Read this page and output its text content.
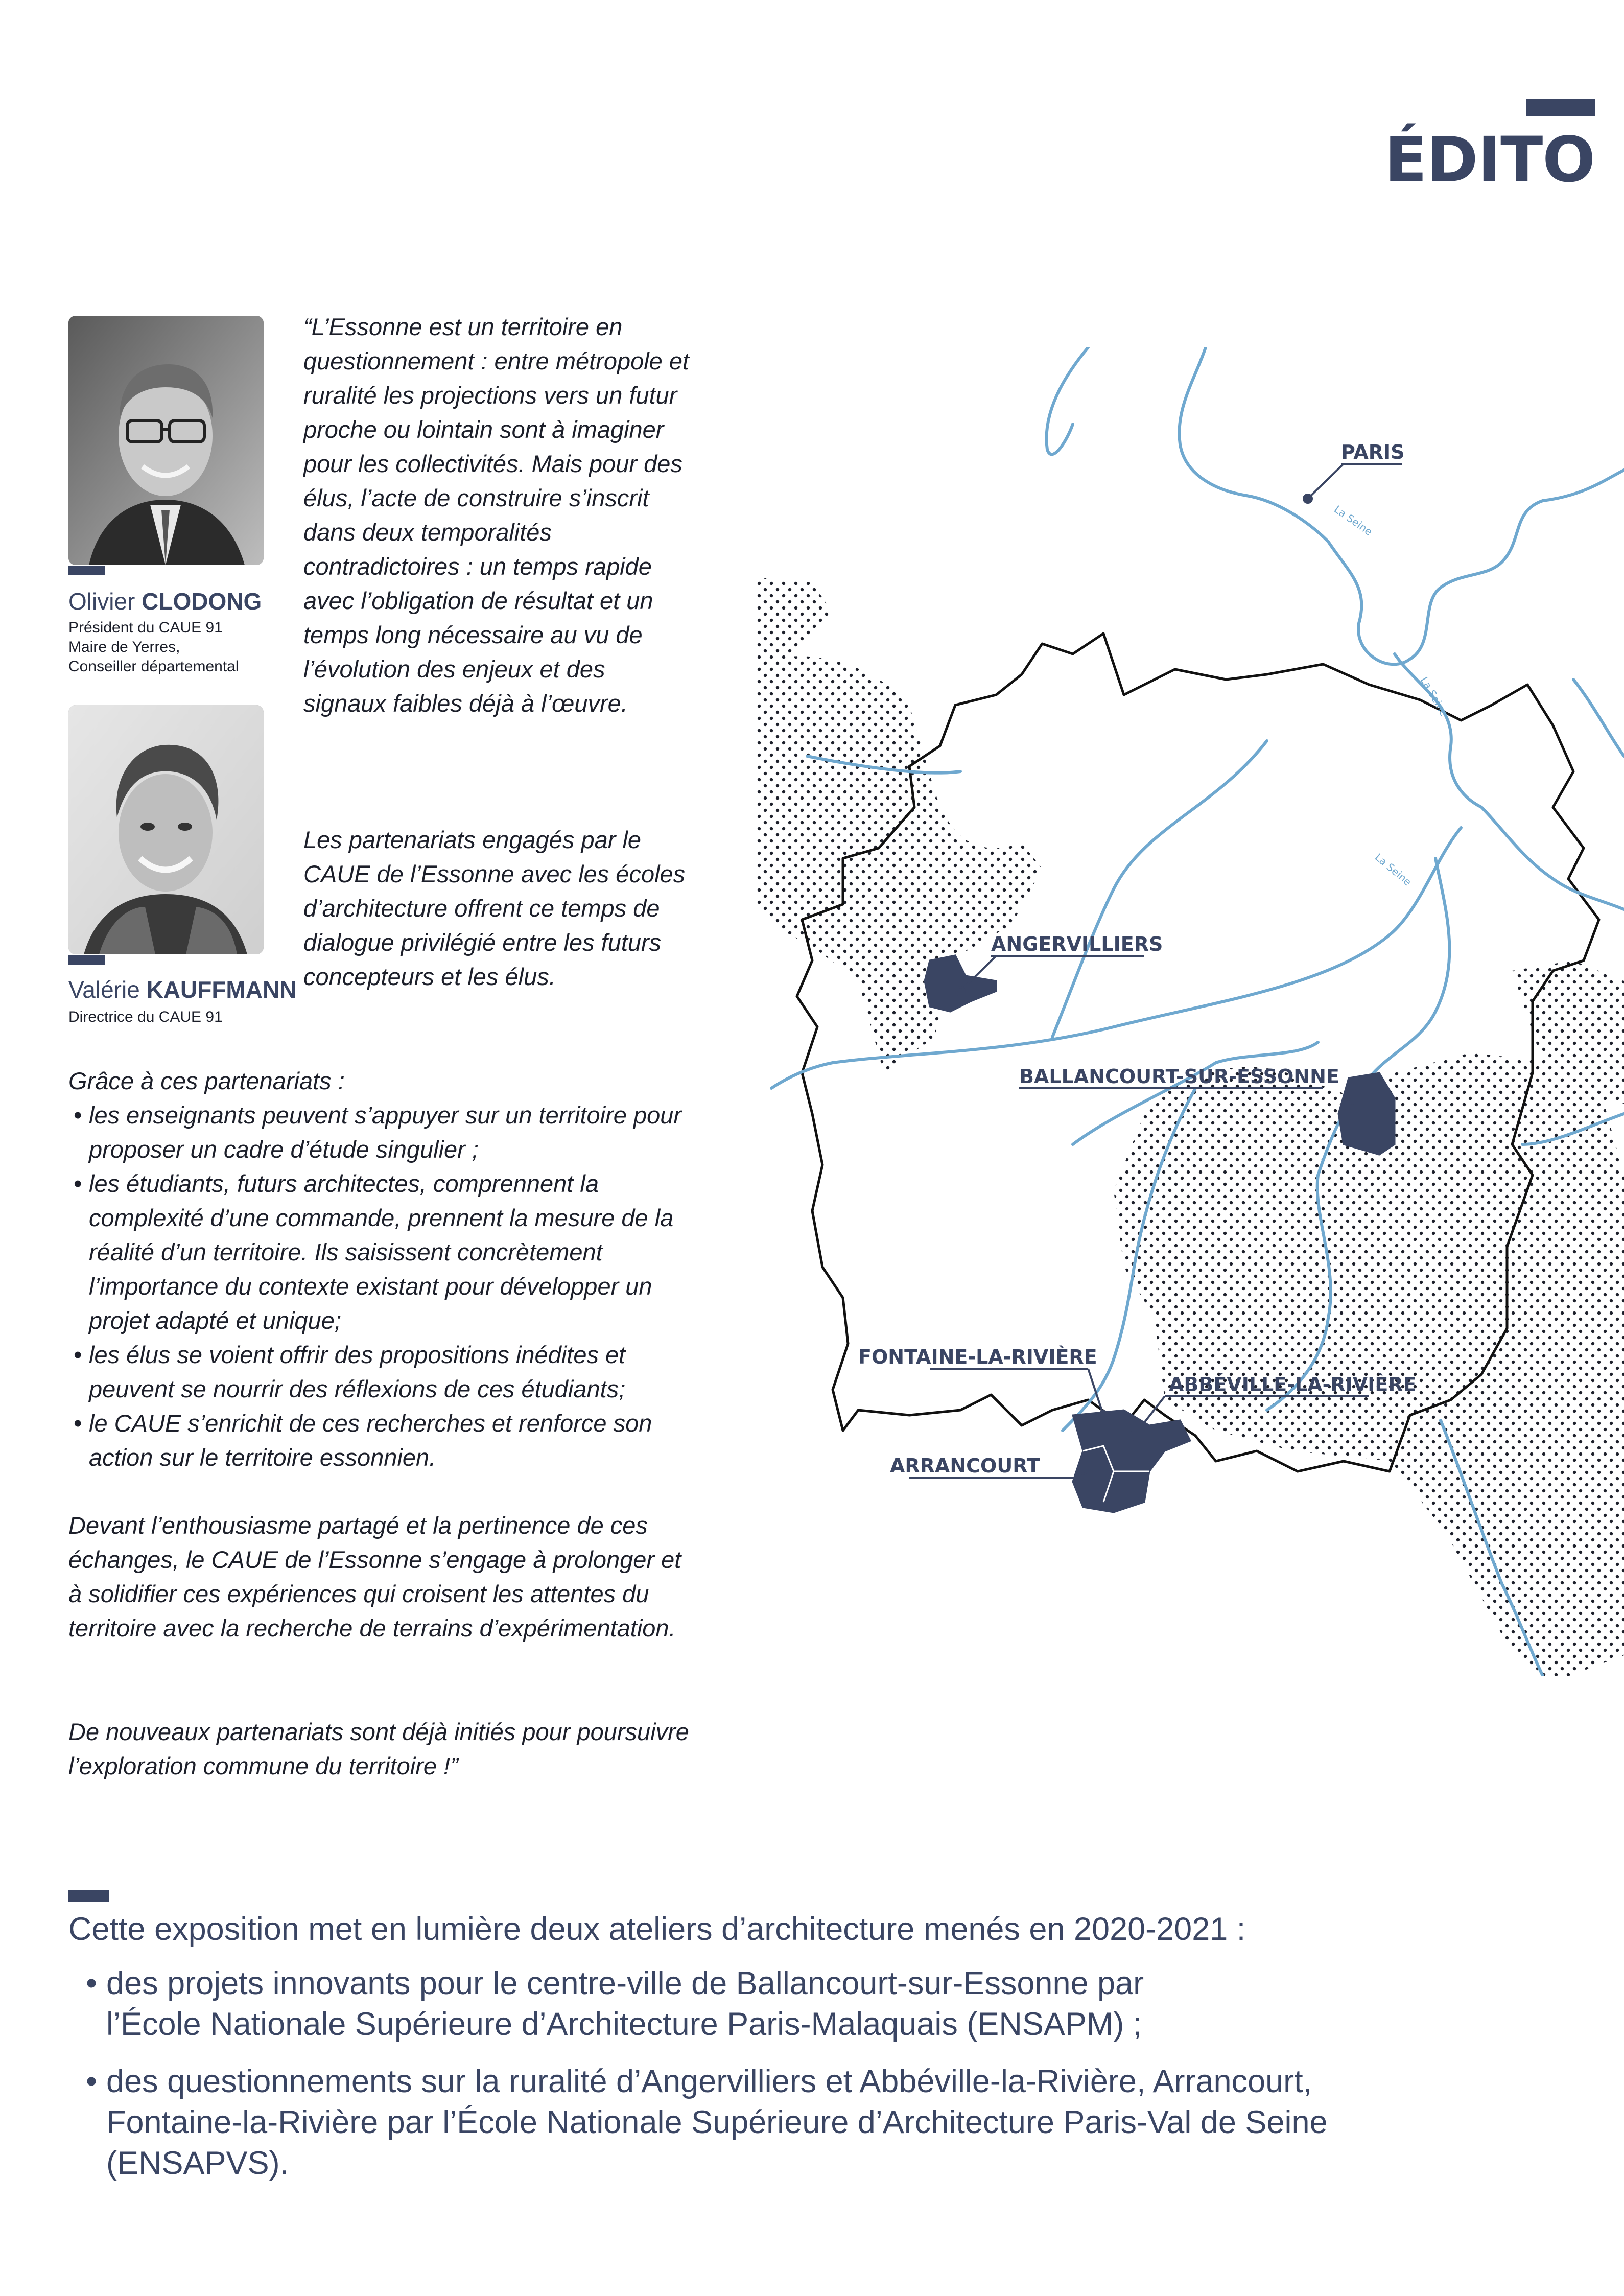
ÉDITO
Olivier CLODONG
Président du CAUE 91
Maire de Yerres,
Conseiller départemental
Valérie KAUFFMANN
Directrice du CAUE 91

“L’Essonne est un territoire en questionnement : entre métropole et ruralité les projections vers un futur proche ou lointain sont à imaginer pour les collectivités. Mais pour des élus, l’acte de construire s’inscrit dans deux temporalités contradictoires : un temps rapide avec l’obligation de résultat et un temps long nécessaire au vu de l’évolution des enjeux et des signaux faibles déjà à l’œuvre.

Les partenariats engagés par le CAUE de l’Essonne avec les écoles d’architecture offrent ce temps de dialogue privilégié entre les futurs concepteurs et les élus.

Grâce à ces partenariats :

• les enseignants peuvent s’appuyer sur un territoire pour proposer un cadre d’étude singulier ;
• les étudiants, futurs architectes, comprennent la complexité d’une commande, prennent la mesure de la réalité d’un territoire. Ils saisissent concrètement l’importance du contexte existant pour développer un projet adapté et unique;
• les élus se voient offrir des propositions inédites et peuvent se nourrir des réflexions de ces étudiants;
• le CAUE s’enrichit de ces recherches et renforce son action sur le territoire essonnien.

Devant l’enthousiasme partagé et la pertinence de ces échanges, le CAUE de l’Essonne s’engage à prolonger et à solidifier ces expériences qui croisent les attentes du territoire avec la recherche de terrains d’expérimentation.

De nouveaux partenariats sont déjà initiés pour poursuivre l’exploration commune du territoire !”

La Seine
La Seine
La Seine
PARIS
ANGERVILLIERS
BALLANCOURT-SUR-ESSONNE
FONTAINE-LA-RIVIÈRE
ABBÉVILLE-LA-RIVIÈRE
ARRANCOURT
Cette exposition met en lumière deux ateliers d’architecture menés en 2020-2021 :
• des projets innovants pour le centre-ville de Ballancourt-sur-Essonne par
l’École Nationale Supérieure d’Architecture Paris-Malaquais (ENSAPM) ;
• des questionnements sur la ruralité d’Angervilliers et Abbéville-la-Rivière, Arrancourt,
Fontaine-la-Rivière par l’École Nationale Supérieure d’Architecture Paris-Val de Seine
(ENSAPVS).
